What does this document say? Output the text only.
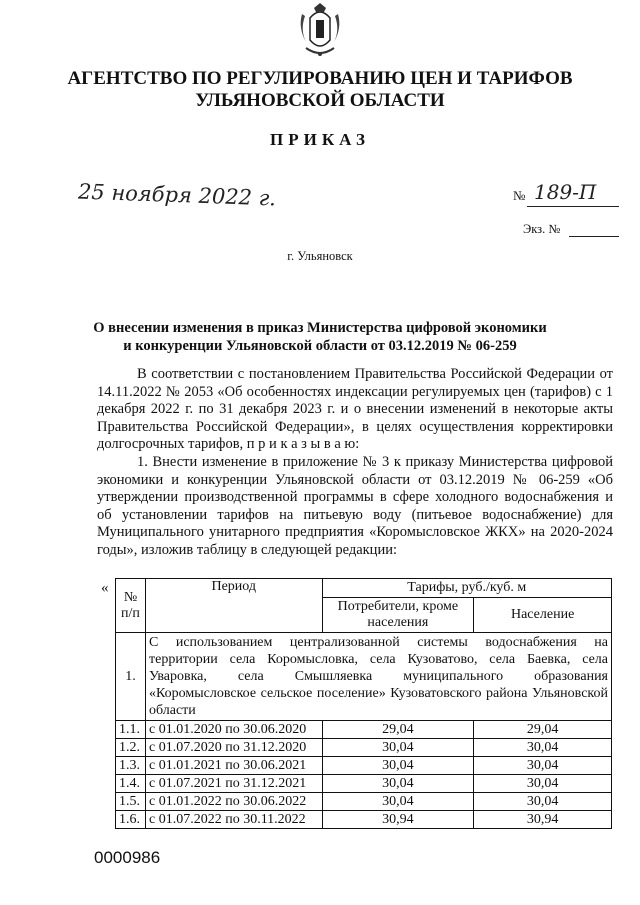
АГЕНТСТВО ПО РЕГУЛИРОВАНИЮ ЦЕН И ТАРИФОВ
УЛЬЯНОВСКОЙ ОБЛАСТИ
ПРИКАЗ
25 ноября 2022 г.	№ 189-П
Экз. №
г. Ульяновск
О внесении изменения в приказ Министерства цифровой экономики
и конкуренции Ульяновской области от 03.12.2019 № 06-259

В соответствии с постановлением Правительства Российской Федерации от 14.11.2022 № 2053 «Об особенностях индексации регулируемых цен (тарифов) с 1 декабря 2022 г. по 31 декабря 2023 г. и о внесении изменений в некоторые акты Правительства Российской Федерации», в целях осуществления корректировки долгосрочных тарифов, п р и к а з ы в а ю:

1. Внести изменение в приложение № 3 к приказу Министерства цифровой экономики и конкуренции Ульяновской области от 03.12.2019 № 06-259 «Об утверждении производственной программы в сфере холодного водоснабжения и об установлении тарифов на питьевую воду (питьевое водоснабжение) для Муниципального унитарного предприятия «Коромысловское ЖКХ» на 2020-2024 годы», изложив таблицу в следующей редакции:

«
№ п/п	Период	Тарифы, руб./куб. м	
		Потребители, кроме населения	Население
1.	С использованием централизованной системы водоснабжения на территории села Коромысловка, села Кузоватово, села Баевка, села Уваровка, села Смышляевка муниципального образования «Коромысловское сельское поселение» Кузоватовского района Ульяновской области		
1.1.	с 01.01.2020 по 30.06.2020	29,04	29,04
1.2.	с 01.07.2020 по 31.12.2020	30,04	30,04
1.3.	с 01.01.2021 по 30.06.2021	30,04	30,04
1.4.	с 01.07.2021 по 31.12.2021	30,04	30,04
1.5.	с 01.01.2022 по 30.06.2022	30,04	30,04
1.6.	с 01.07.2022 по 30.11.2022	30,94	30,94
0000986
